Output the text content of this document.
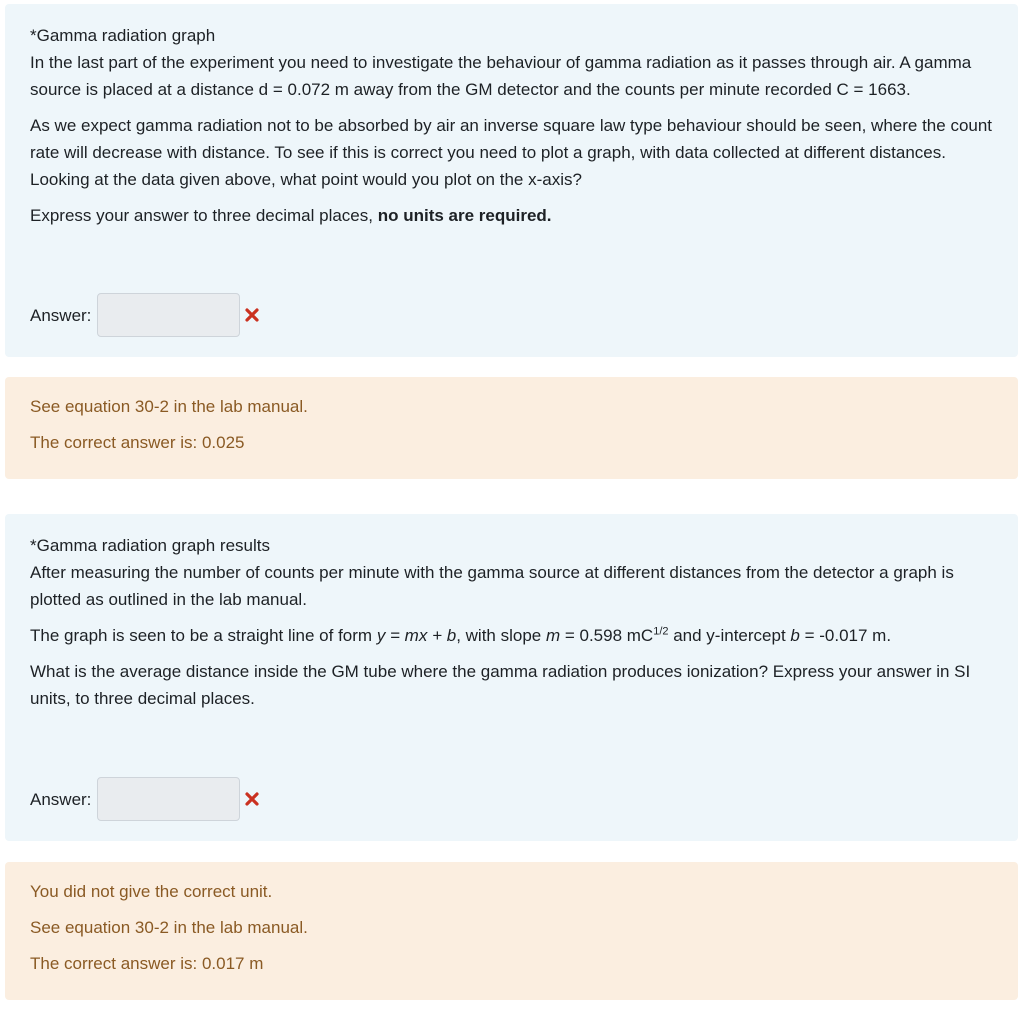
*Gamma radiation graph

In the last part of the experiment you need to investigate the behaviour of gamma radiation as it passes through air. A gamma source is placed at a distance d = 0.072 m away from the GM detector and the counts per minute recorded C = 1663.

As we expect gamma radiation not to be absorbed by air an inverse square law type behaviour should be seen, where the count rate will decrease with distance. To see if this is correct you need to plot a graph, with data collected at different distances. Looking at the data given above, what point would you plot on the x-axis?

Express your answer to three decimal places, no units are required.

Answer:

See equation 30-2 in the lab manual.

The correct answer is: 0.025

*Gamma radiation graph results

After measuring the number of counts per minute with the gamma source at different distances from the detector a graph is plotted as outlined in the lab manual.

The graph is seen to be a straight line of form y = mx + b, with slope m = 0.598 $mC^{1/2}$ and y-intercept b = -0.017 m.

What is the average distance inside the GM tube where the gamma radiation produces ionization? Express your answer in SI units, to three decimal places.

Answer:

You did not give the correct unit.

See equation 30-2 in the lab manual.

The correct answer is: 0.017 m
